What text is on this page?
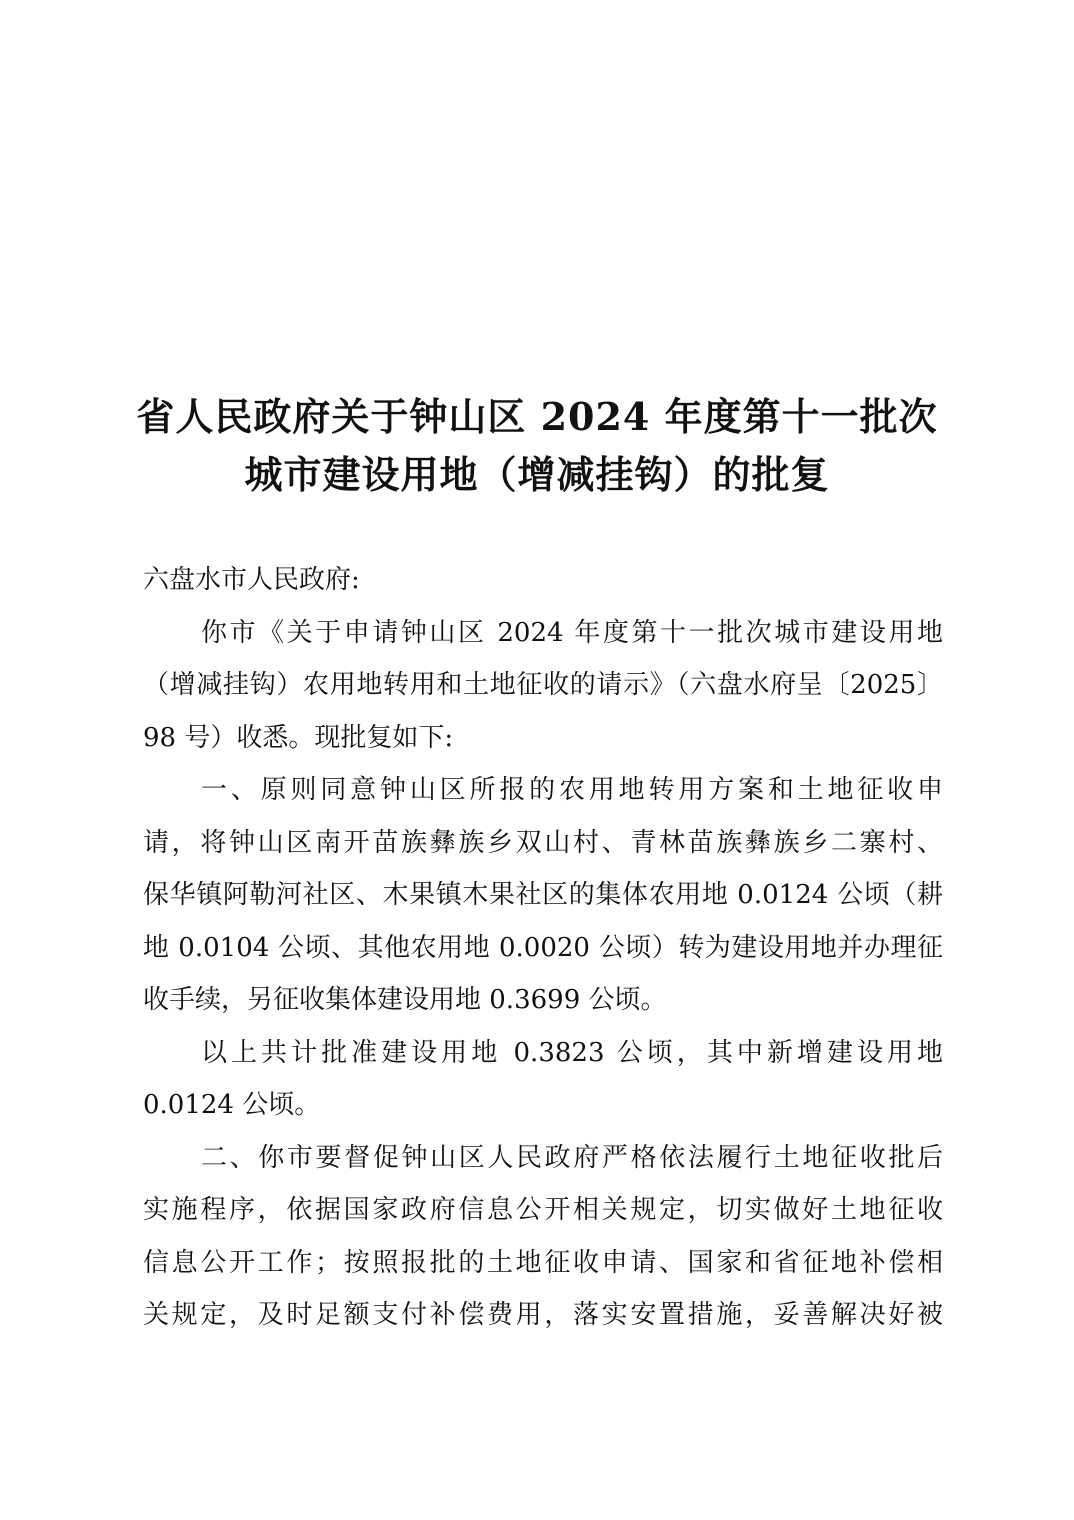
省人民政府关于钟山区 2024 年度第十一批次
城市建设用地（增减挂钩）的批复
六盘水市人民政府:
你市《关于申请钟山区 2024 年度第十一批次城市建设用地
（增减挂钩）农用地转用和土地征收的请示》（六盘水府呈〔2025〕
98 号）收悉。现批复如下:
一、原则同意钟山区所报的农用地转用方案和土地征收申
请，将钟山区南开苗族彝族乡双山村、青林苗族彝族乡二寨村、
保华镇阿勒河社区、木果镇木果社区的集体农用地 0.0124 公顷（耕
地 0.0104 公顷、其他农用地 0.0020 公顷）转为建设用地并办理征
收手续，另征收集体建设用地 0.3699 公顷。
以上共计批准建设用地 0.3823 公顷，其中新增建设用地
0.0124 公顷。
二、你市要督促钟山区人民政府严格依法履行土地征收批后
实施程序，依据国家政府信息公开相关规定，切实做好土地征收
信息公开工作；按照报批的土地征收申请、国家和省征地补偿相
关规定，及时足额支付补偿费用，落实安置措施，妥善解决好被
